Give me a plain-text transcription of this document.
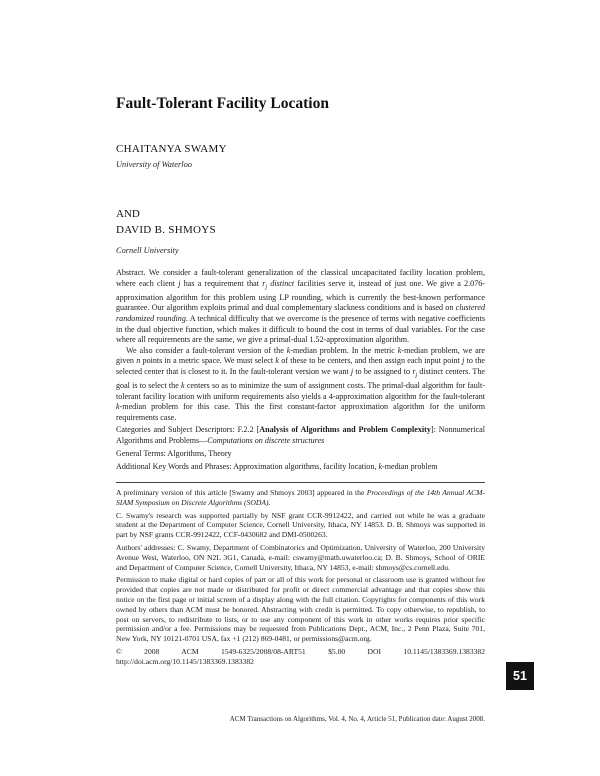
Fault-Tolerant Facility Location
CHAITANYA SWAMY
University of Waterloo
AND
DAVID B. SHMOYS
Cornell University

Abstract. We consider a fault-tolerant generalization of the classical uncapacitated facility location problem, where each client j has a requirement that $r_j$ distinct facilities serve it, instead of just one. We give a 2.076-approximation algorithm for this problem using LP rounding, which is currently the best-known performance guarantee. Our algorithm exploits primal and dual complementary slackness conditions and is based on clustered randomized rounding. A technical difficulty that we overcome is the presence of terms with negative coefficients in the dual objective function, which makes it difficult to bound the cost in terms of dual variables. For the case where all requirements are the same, we give a primal-dual 1.52-approximation algorithm.

We also consider a fault-tolerant version of the k-median problem. In the metric k-median problem, we are given n points in a metric space. We must select k of these to be centers, and then assign each input point j to the selected center that is closest to it. In the fault-tolerant version we want j to be assigned to $r_j$ distinct centers. The goal is to select the k centers so as to minimize the sum of assignment costs. The primal-dual algorithm for fault-tolerant facility location with uniform requirements also yields a 4-approximation algorithm for the fault-tolerant k-median problem for this case. This the first constant-factor approximation algorithm for the uniform requirements case.

Categories and Subject Descriptors: F.2.2 [Analysis of Algorithms and Problem Complexity]: Nonnumerical Algorithms and Problems—Computations on discrete structures
General Terms: Algorithms, Theory
Additional Key Words and Phrases: Approximation algorithms, facility location, k-median problem

A preliminary version of this article [Swamy and Shmoys 2003] appeared in the Proceedings of the 14th Annual ACM-SIAM Symposium on Discrete Algorithms (SODA).

C. Swamy's research was supported partially by NSF grant CCR-9912422, and carried out while he was a graduate student at the Department of Computer Science, Cornell University, Ithaca, NY 14853. D. B. Shmoys was supported in part by NSF grants CCR-9912422, CCF-0430682 and DMI-0500263.

Authors' addresses: C. Swamy, Department of Combinatorics and Optimization, University of Waterloo, 200 University Avenue West, Waterloo, ON N2L 3G1, Canada, e-mail: cswamy@math.uwaterloo.ca; D. B. Shmoys, School of ORIE and Department of Computer Science, Cornell University, Ithaca, NY 14853, e-mail: shmoys@cs.cornell.edu.

Permission to make digital or hard copies of part or all of this work for personal or classroom use is granted without fee provided that copies are not made or distributed for profit or direct commercial advantage and that copies show this notice on the first page or initial screen of a display along with the full citation. Copyrights for components of this work owned by others than ACM must be honored. Abstracting with credit is permitted. To copy otherwise, to republish, to post on servers, to redistribute to lists, or to use any component of this work in other works requires prior specific permission and/or a fee. Permissions may be requested from Publications Dept., ACM, Inc., 2 Penn Plaza, Suite 701, New York, NY 10121-0701 USA, fax +1 (212) 869-0481, or permissions@acm.org.

© 2008 ACM 1549-6325/2008/08-ART51 $5.00 DOI 10.1145/1383369.1383382 http://doi.acm.org/10.1145/1383369.1383382

51
ACM Transactions on Algorithms, Vol. 4, No. 4, Article 51, Publication date: August 2008.
